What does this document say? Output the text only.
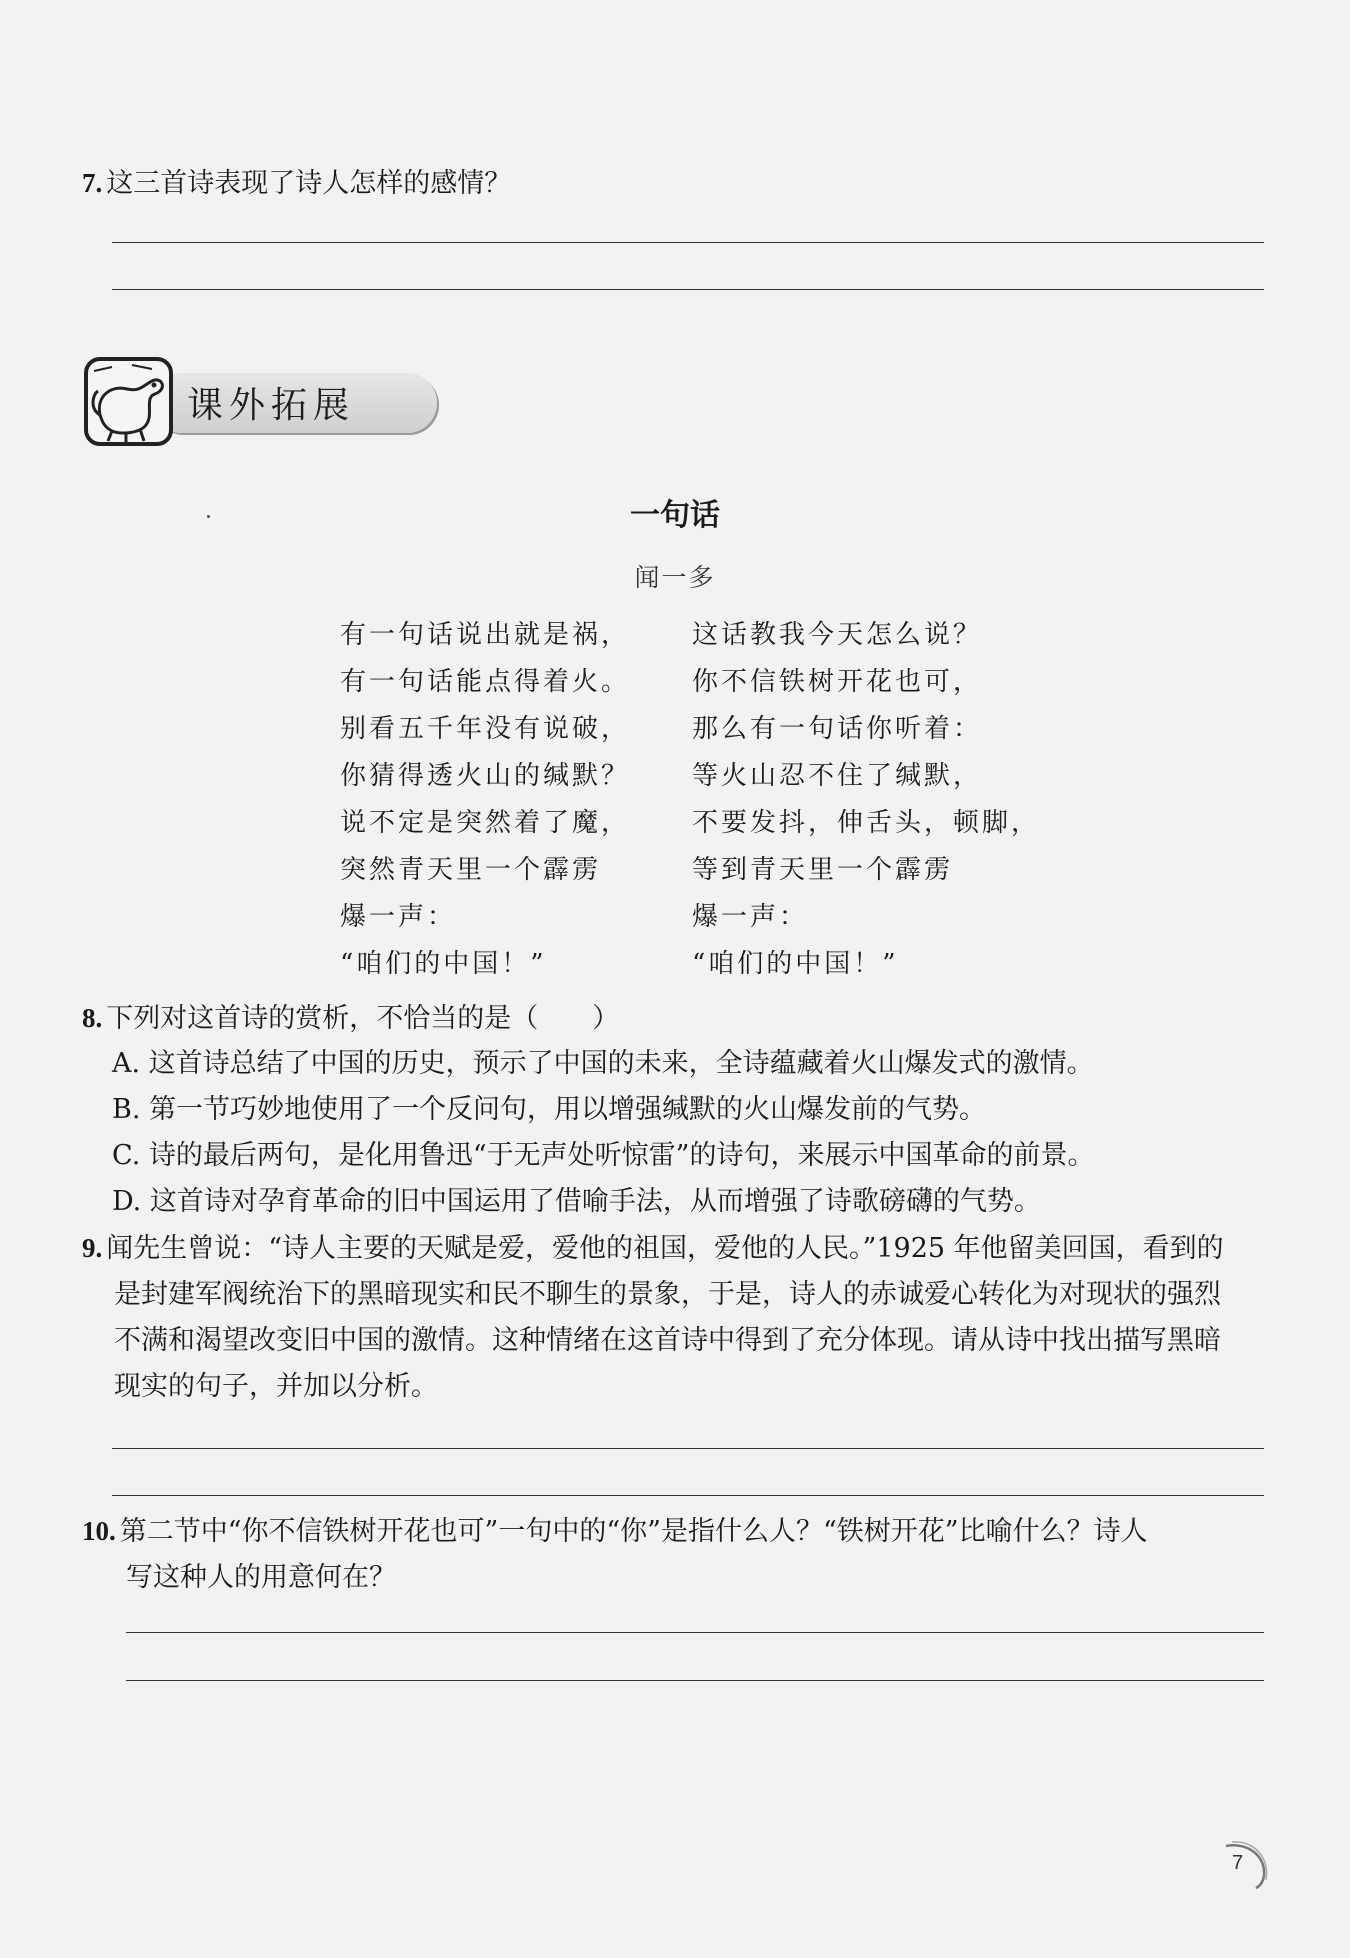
7. 这三首诗表现了诗人怎样的感情？
课外拓展
一句话
闻一多
有一句话说出就是祸，
有一句话能点得着火。
别看五千年没有说破，
你猜得透火山的缄默？
说不定是突然着了魔，
突然青天里一个霹雳
爆一声：
“咱们的中国！”
这话教我今天怎么说？
你不信铁树开花也可，
那么有一句话你听着：
等火山忍不住了缄默，
不要发抖，伸舌头，顿脚，
等到青天里一个霹雳
爆一声：
“咱们的中国！”
8. 下列对这首诗的赏析，不恰当的是（　　）
A. 这首诗总结了中国的历史，预示了中国的未来，全诗蕴藏着火山爆发式的激情。
B. 第一节巧妙地使用了一个反问句，用以增强缄默的火山爆发前的气势。
C. 诗的最后两句，是化用鲁迅“于无声处听惊雷”的诗句，来展示中国革命的前景。
D. 这首诗对孕育革命的旧中国运用了借喻手法，从而增强了诗歌磅礴的气势。
9. 闻先生曾说：“诗人主要的天赋是爱，爱他的祖国，爱他的人民。”1925 年他留美回国，看到的
是封建军阀统治下的黑暗现实和民不聊生的景象，于是，诗人的赤诚爱心转化为对现状的强烈
不满和渴望改变旧中国的激情。这种情绪在这首诗中得到了充分体现。请从诗中找出描写黑暗
现实的句子，并加以分析。
10. 第二节中“你不信铁树开花也可”一句中的“你”是指什么人？“铁树开花”比喻什么？诗人
写这种人的用意何在？
7
